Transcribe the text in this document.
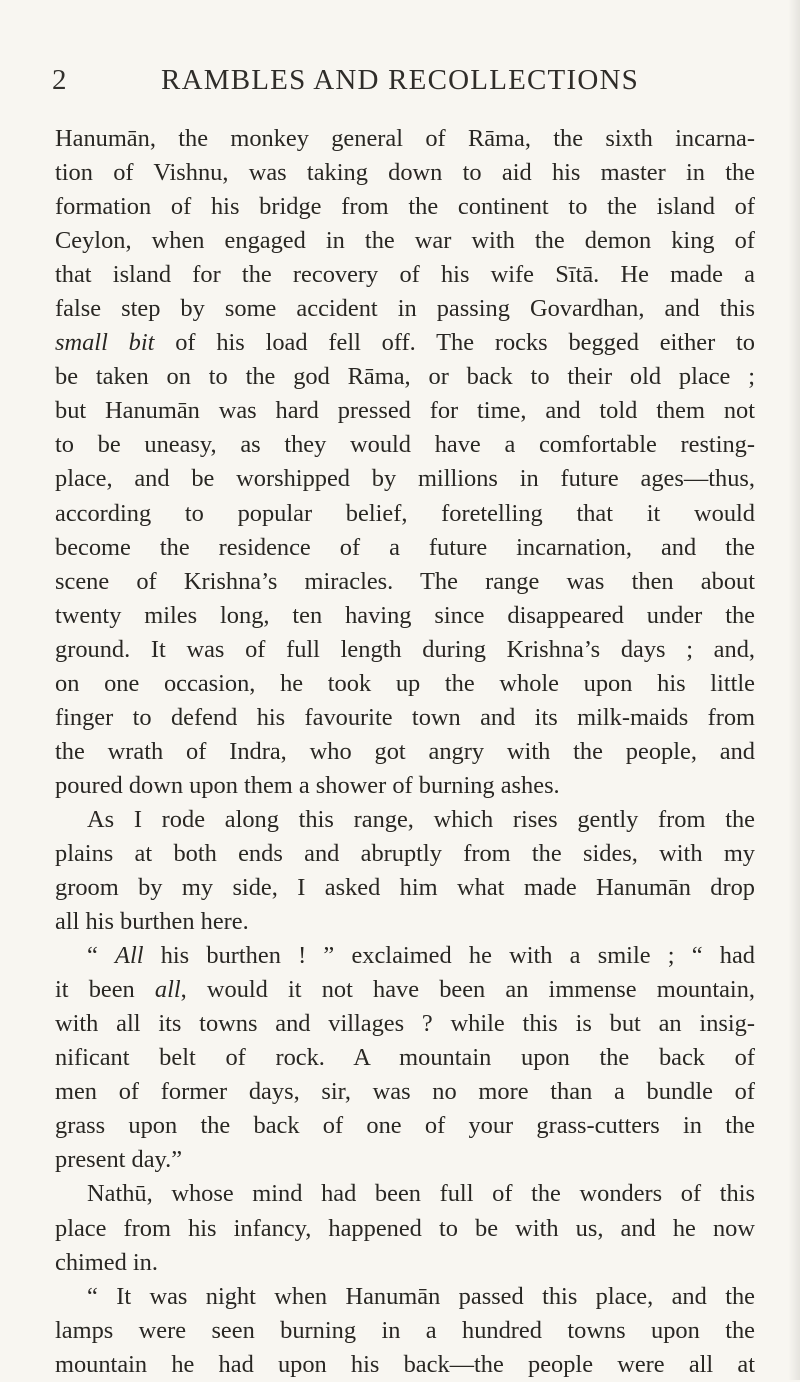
2	RAMBLES AND RECOLLECTIONS
Hanumān, the monkey general of Rāma, the sixth incarna-
tion of Vishnu, was taking down to aid his master in the
formation of his bridge from the continent to the island of
Ceylon, when engaged in the war with the demon king of
that island for the recovery of his wife Sītā. He made a
false step by some accident in passing Govardhan, and this
small bit of his load fell off. The rocks begged either to
be taken on to the god Rāma, or back to their old place ;
but Hanumān was hard pressed for time, and told them not
to be uneasy, as they would have a comfortable resting-
place, and be worshipped by millions in future ages—thus,
according to popular belief, foretelling that it would
become the residence of a future incarnation, and the
scene of Krishna’s miracles. The range was then about
twenty miles long, ten having since disappeared under the
ground. It was of full length during Krishna’s days ; and,
on one occasion, he took up the whole upon his little
finger to defend his favourite town and its milk-maids from
the wrath of Indra, who got angry with the people, and
poured down upon them a shower of burning ashes.
As I rode along this range, which rises gently from the
plains at both ends and abruptly from the sides, with my
groom by my side, I asked him what made Hanumān drop
all his burthen here.
“ All his burthen ! ” exclaimed he with a smile ; “ had
it been all, would it not have been an immense mountain,
with all its towns and villages ? while this is but an insig-
nificant belt of rock. A mountain upon the back of
men of former days, sir, was no more than a bundle of
grass upon the back of one of your grass-cutters in the
present day.”
Nathū, whose mind had been full of the wonders of this
place from his infancy, happened to be with us, and he now
chimed in.
“ It was night when Hanumān passed this place, and the
lamps were seen burning in a hundred towns upon the
mountain he had upon his back—the people were all at
